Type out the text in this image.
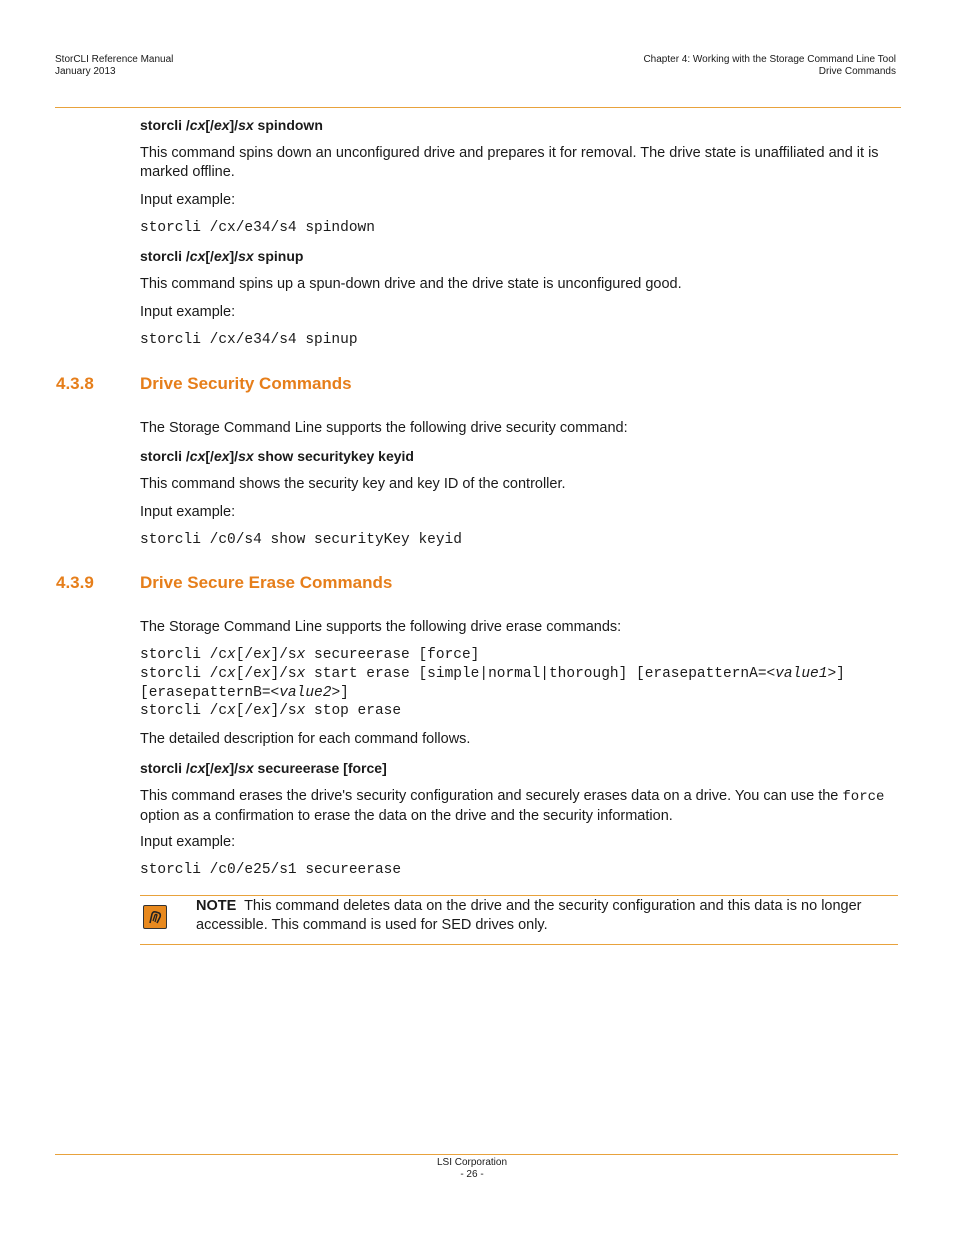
StorCLI Reference Manual
January 2013
Chapter 4: Working with the Storage Command Line Tool
Drive Commands
storcli /cx[/ex]/sx spindown
This command spins down an unconfigured drive and prepares it for removal. The drive state is unaffiliated and it is marked offline.
Input example:
storcli /cx/e34/s4 spindown
storcli /cx[/ex]/sx spinup
This command spins up a spun-down drive and the drive state is unconfigured good.
Input example:
storcli /cx/e34/s4 spinup
4.3.8	Drive Security Commands
The Storage Command Line supports the following drive security command:
storcli /cx[/ex]/sx show securitykey keyid
This command shows the security key and key ID of the controller.
Input example:
storcli /c0/s4 show securityKey keyid
4.3.9	Drive Secure Erase Commands
The Storage Command Line supports the following drive erase commands:
storcli /cx[/ex]/sx secureerase [force]
storcli /cx[/ex]/sx start erase [simple|normal|thorough] [erasepatternA=<value1>]
[erasepatternB=<value2>]
storcli /cx[/ex]/sx stop erase
The detailed description for each command follows.
storcli /cx[/ex]/sx secureerase [force]
This command erases the drive's security configuration and securely erases data on a drive. You can use the force
option as a confirmation to erase the data on the drive and the security information.
Input example:
storcli /c0/e25/s1 secureerase
NOTE This command deletes data on the drive and the security configuration and this data is no longer
accessible. This command is used for SED drives only.
LSI Corporation
- 26 -
